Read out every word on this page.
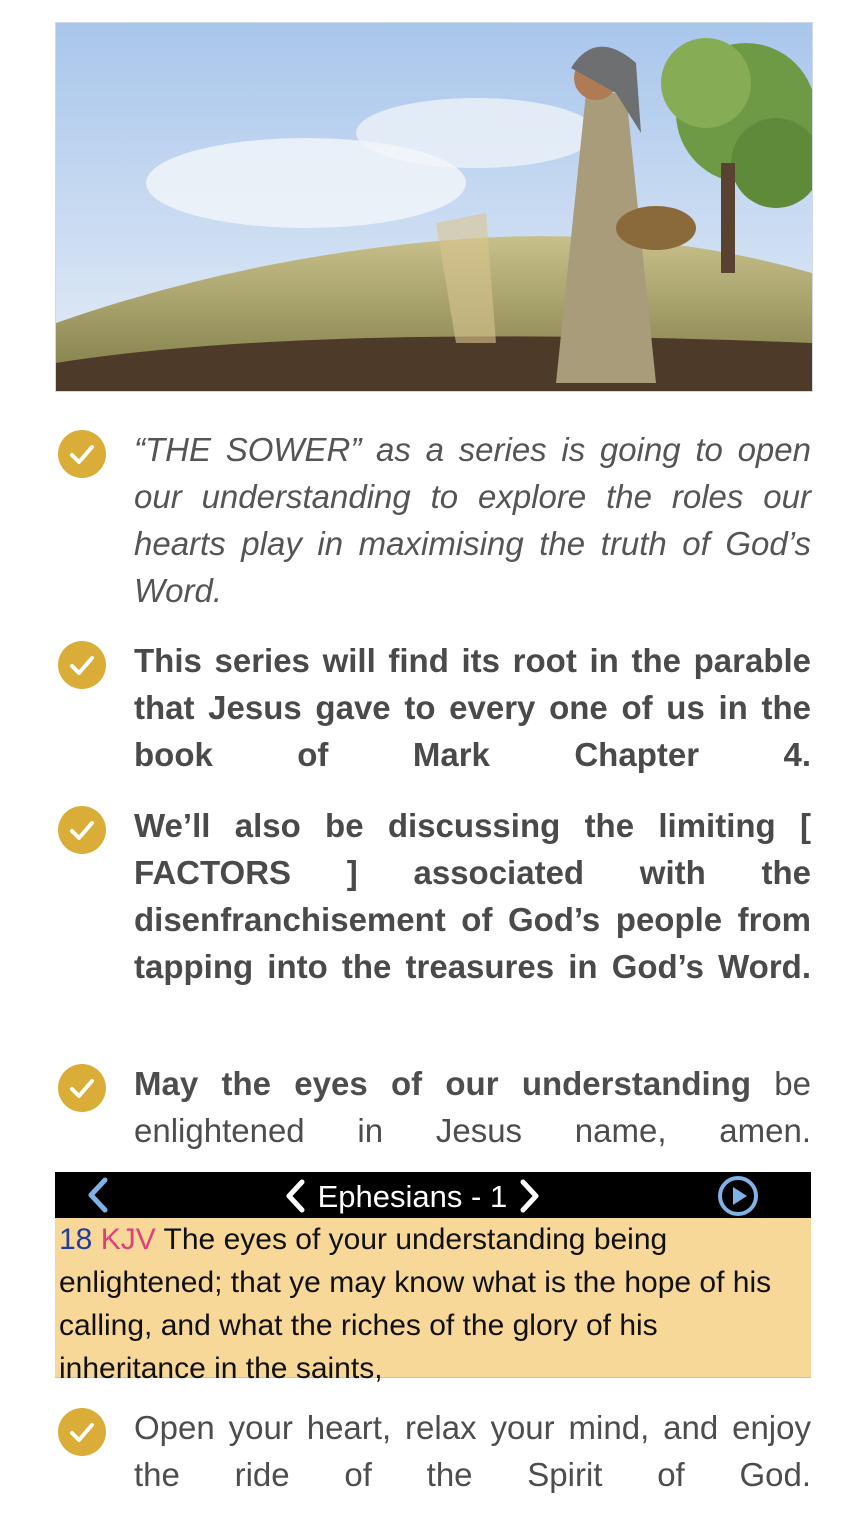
“THE SOWER” as a series is going to open our understanding to explore the roles our hearts play in maximising the truth of God’s Word.
This series will find its root in the parable that Jesus gave to every one of us in the book of Mark Chapter 4.
We’ll also be discussing the limiting [ FACTORS ] associated with the disenfranchisement of God’s people from tapping into the treasures in God’s Word.
May the eyes of our understanding be enlightened in Jesus name, amen.
Ephesians - 1
18 KJV The eyes of your understanding being enlightened; that ye may know what is the hope of his calling, and what the riches of the glory of his inheritance in the saints,
Open your heart, relax your mind, and enjoy the ride of the Spirit of God.
